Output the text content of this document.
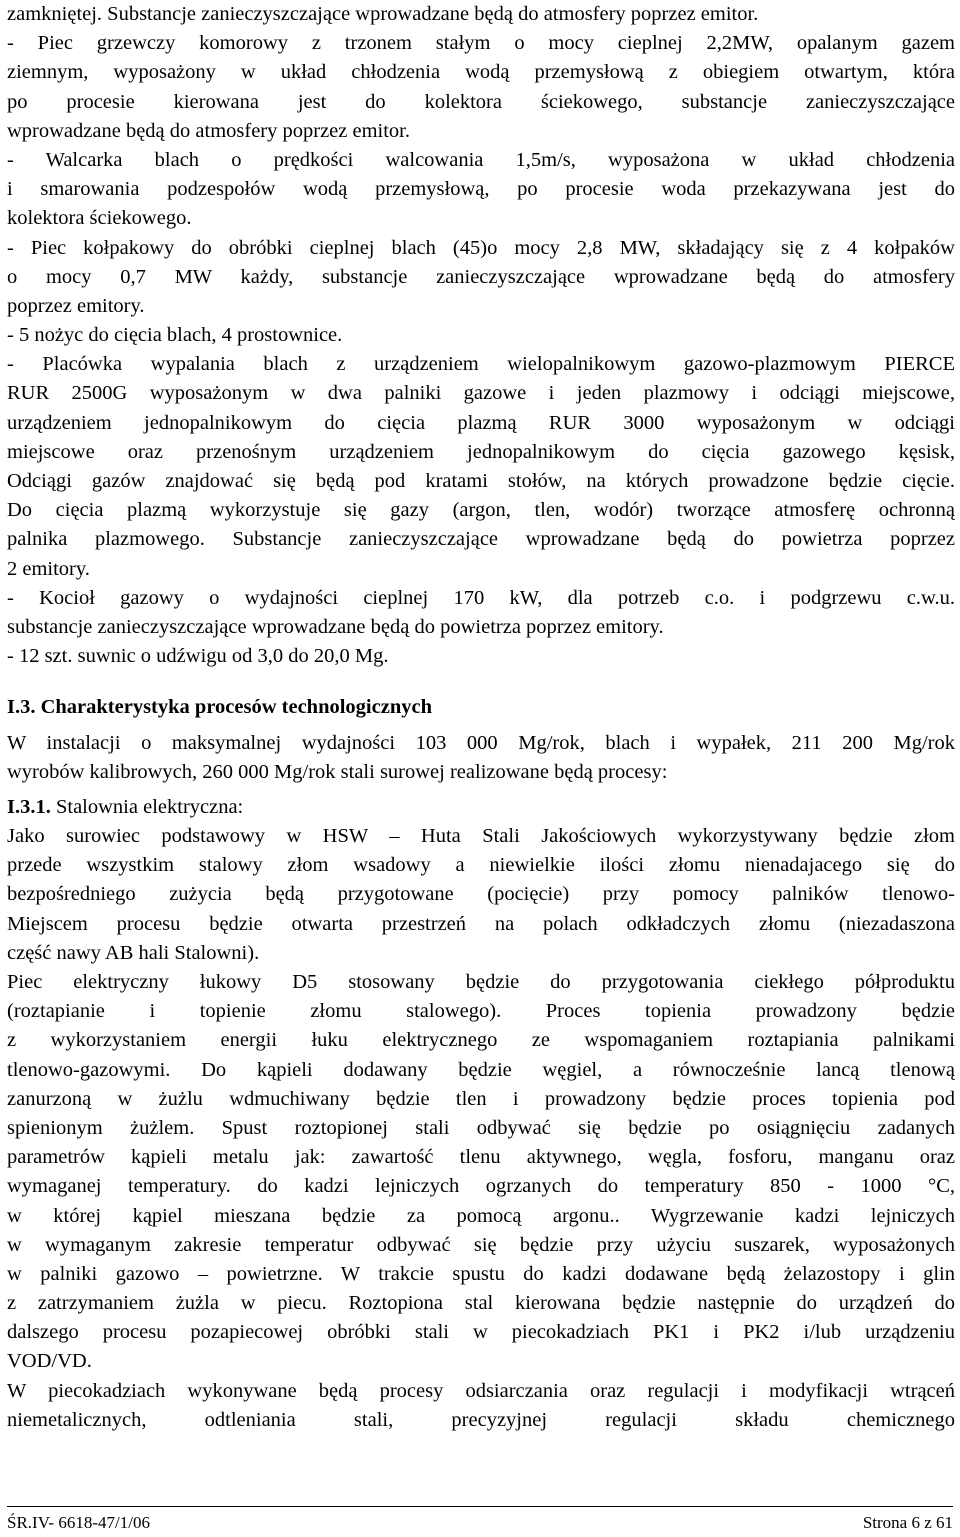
zamkniętej. Substancje zanieczyszczające wprowadzane będą do atmosfery poprzez emitor.
- Piec grzewczy komorowy z trzonem stałym o mocy cieplnej 2,2MW, opalanym gazem
ziemnym, wyposażony w układ chłodzenia wodą przemysłową z obiegiem otwartym, która
po procesie kierowana jest do kolektora ściekowego, substancje zanieczyszczające
wprowadzane będą do atmosfery poprzez emitor.
- Walcarka blach o prędkości walcowania 1,5m/s, wyposażona w układ chłodzenia
i smarowania podzespołów wodą przemysłową, po procesie woda przekazywana jest do
kolektora ściekowego.
- Piec kołpakowy do obróbki cieplnej blach (45)o mocy 2,8 MW, składający się z 4 kołpaków
o mocy 0,7 MW każdy, substancje zanieczyszczające wprowadzane będą do atmosfery
poprzez emitory.
- 5 nożyc do cięcia blach, 4 prostownice.
- Placówka wypalania blach z urządzeniem wielopalnikowym gazowo-plazmowym PIERCE
RUR 2500G wyposażonym w dwa palniki gazowe i jeden plazmowy i odciągi miejscowe,
urządzeniem jednopalnikowym do cięcia plazmą RUR 3000 wyposażonym w odciągi
miejscowe oraz przenośnym urządzeniem jednopalnikowym do cięcia gazowego kęsisk,
Odciągi gazów znajdować się będą pod kratami stołów, na których prowadzone będzie cięcie.
Do cięcia plazmą wykorzystuje się gazy (argon, tlen, wodór) tworzące atmosferę ochronną
palnika plazmowego. Substancje zanieczyszczające wprowadzane będą do powietrza poprzez
2 emitory.
- Kocioł gazowy o wydajności cieplnej 170 kW, dla potrzeb c.o. i podgrzewu c.w.u.
substancje zanieczyszczające wprowadzane będą do powietrza poprzez emitory.
- 12 szt. suwnic o udźwigu od 3,0 do 20,0 Mg.
I.3. Charakterystyka procesów technologicznych
W instalacji o maksymalnej wydajności 103 000 Mg/rok, blach i wypałek, 211 200 Mg/rok
wyrobów kalibrowych, 260 000 Mg/rok stali surowej realizowane będą procesy:
I.3.1. Stalownia elektryczna:
Jako surowiec podstawowy w HSW – Huta Stali Jakościowych wykorzystywany będzie złom
przede wszystkim stalowy złom wsadowy a niewielkie ilości złomu nienadajacego się do
bezpośredniego zużycia będą przygotowane (pocięcie) przy pomocy palników tlenowo-
Miejscem procesu będzie otwarta przestrzeń na polach odkładczych złomu (niezadaszona
część nawy AB hali Stalowni).
Piec elektryczny łukowy D5 stosowany będzie do przygotowania ciekłego półproduktu
(roztapianie i topienie złomu stalowego). Proces topienia prowadzony będzie
z wykorzystaniem energii łuku elektrycznego ze wspomaganiem roztapiania palnikami
tlenowo-gazowymi. Do kąpieli dodawany będzie węgiel, a równocześnie lancą tlenową
zanurzoną w żużlu wdmuchiwany będzie tlen i prowadzony będzie proces topienia pod
spienionym żużlem. Spust roztopionej stali odbywać się będzie po osiągnięciu zadanych
parametrów kąpieli metalu jak: zawartość tlenu aktywnego, węgla, fosforu, manganu oraz
wymaganej temperatury. do kadzi lejniczych ogrzanych do temperatury 850 - 1000 °C,
w której kąpiel mieszana będzie za pomocą argonu.. Wygrzewanie kadzi lejniczych
w wymaganym zakresie temperatur odbywać się będzie przy użyciu suszarek, wyposażonych
w palniki gazowo – powietrzne. W trakcie spustu do kadzi dodawane będą żelazostopy i glin
z zatrzymaniem żużla w piecu. Roztopiona stal kierowana będzie następnie do urządzeń do
dalszego procesu pozapiecowej obróbki stali w piecokadziach PK1 i PK2 i/lub urządzeniu
VOD/VD.
W piecokadziach wykonywane będą procesy odsiarczania oraz regulacji i modyfikacji wtrąceń
niemetalicznych, odtleniania stali, precyzyjnej regulacji składu chemicznego
ŚR.IV- 6618-47/1/06	Strona 6 z 61
